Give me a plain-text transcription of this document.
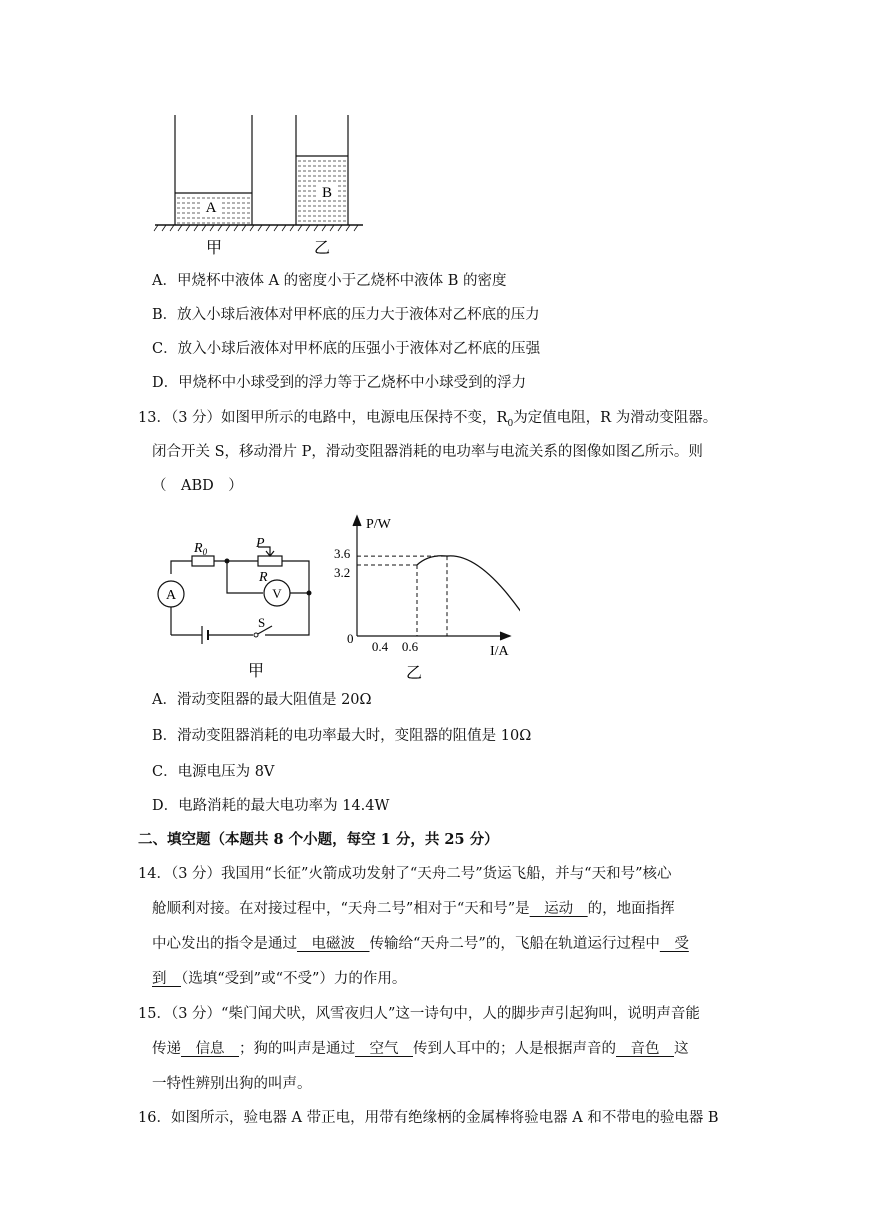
A
B
甲	乙
A．甲烧杯中液体 A 的密度小于乙烧杯中液体 B 的密度
B．放入小球后液体对甲杯底的压力大于液体对乙杯底的压力
C．放入小球后液体对甲杯底的压强小于液体对乙杯底的压强
D．甲烧杯中小球受到的浮力等于乙烧杯中小球受到的浮力
13．（3 分）如图甲所示的电路中，电源电压保持不变，$R_0$为定值电阻，R 为滑动变阻器。
闭合开关 S，移动滑片 P，滑动变阻器消耗的电功率与电流关系的图像如图乙所示。则
（　ABD　）
$R_0$
P
R
A	V
S
甲
P/W
I/A
0
3.6
3.2
0.4 0.6
乙
A．滑动变阻器的最大阻值是 20Ω
B．滑动变阻器消耗的电功率最大时，变阻器的阻值是 10Ω
C．电源电压为 8V
D．电路消耗的最大电功率为 14.4W
二、填空题（本题共 8 个小题，每空 1 分，共 25 分）
14．（3 分）我国用“长征”火箭成功发射了“天舟二号”货运飞船，并与“天和号”核心
舱顺利对接。在对接过程中，“天舟二号”相对于“天和号”是　运动　的，地面指挥
中心发出的指令是通过　电磁波　传输给“天舟二号”的，飞船在轨道运行过程中　受
到　（选填“受到”或“不受”）力的作用。
15．（3 分）“柴门闻犬吠，风雪夜归人”这一诗句中，人的脚步声引起狗叫，说明声音能
传递　信息　；狗的叫声是通过　空气　传到人耳中的；人是根据声音的　音色　这
一特性辨别出狗的叫声。
16．如图所示，验电器 A 带正电，用带有绝缘柄的金属棒将验电器 A 和不带电的验电器 B
